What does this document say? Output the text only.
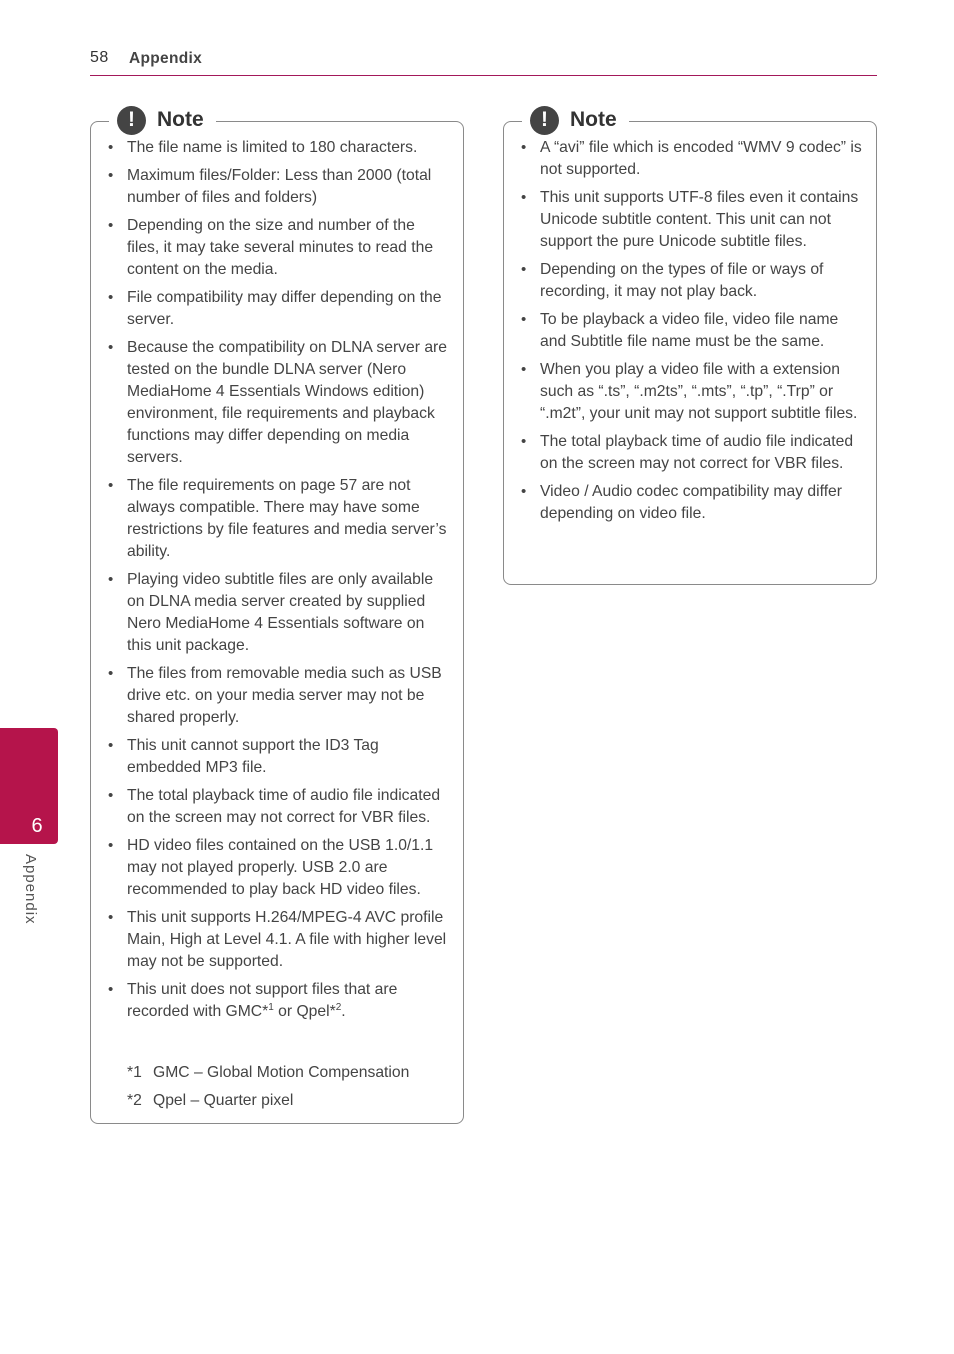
58 Appendix
6
Appendix
!	Note
• The file name is limited to 180 characters.
• Maximum files/Folder: Less than 2000 (total number of files and folders)
• Depending on the size and number of the files, it may take several minutes to read the content on the media.
• File compatibility may differ depending on the server.
• Because the compatibility on DLNA server are tested on the bundle DLNA server (Nero MediaHome 4 Essentials Windows edition) environment, file requirements and playback functions may differ depending on media servers.
• The file requirements on page 57 are not always compatible. There may have some restrictions by file features and media server’s ability.
• Playing video subtitle files are only available on DLNA media server created by supplied Nero MediaHome 4 Essentials software on this unit package.
• The files from removable media such as USB drive etc. on your media server may not be shared properly.
• This unit cannot support the ID3 Tag embedded MP3 file.
• The total playback time of audio file indicated on the screen may not correct for VBR files.
• HD video files contained on the USB 1.0/1.1 may not played properly. USB 2.0 are recommended to play back HD video files.
• This unit supports H.264/MPEG-4 AVC profile Main, High at Level 4.1. A file with higher level may not be supported.
• This unit does not support files that are recorded with GMC*$^1$ or Qpel*$^2$.
*1 GMC – Global Motion Compensation
*2 Qpel – Quarter pixel
!	Note
• A “avi” file which is encoded “WMV 9 codec” is not supported.
• This unit supports UTF-8 files even it contains Unicode subtitle content. This unit can not support the pure Unicode subtitle files.
• Depending on the types of file or ways of recording, it may not play back.
• To be playback a video file, video file name and Subtitle file name must be the same.
• When you play a video file with a extension such as “.ts”, “.m2ts”, “.mts”, “.tp”, “.Trp” or “.m2t”, your unit may not support subtitle files.
• The total playback time of audio file indicated on the screen may not correct for VBR files.
• Video / Audio codec compatibility may differ depending on video file.
